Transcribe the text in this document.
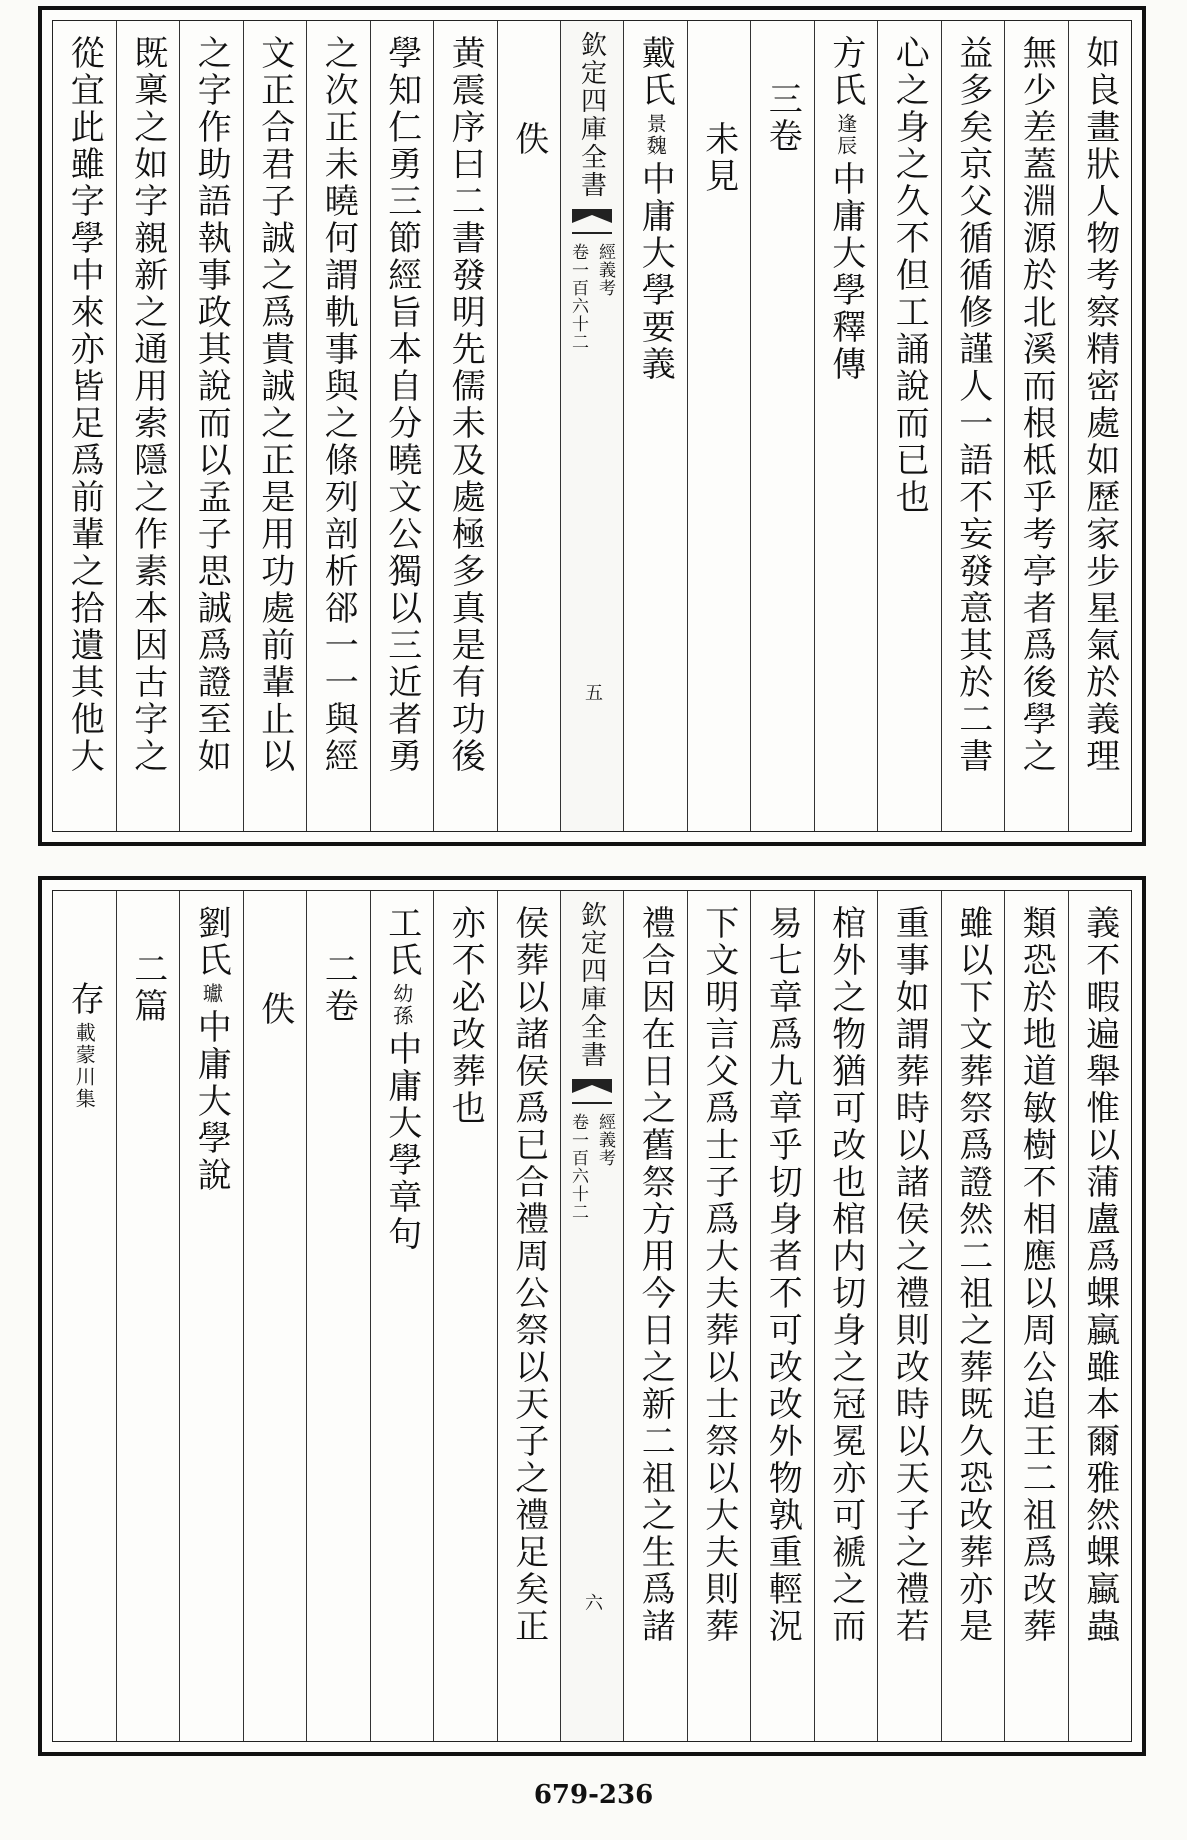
如良畫狀人物考察精密處如歷家步星氣於義理
無少差蓋淵源於北溪而根柢乎考亭者爲後學之
益多矣京父循循修謹人一語不妄發意其於二書
心之身之久不但工誦說而已也
方氏
逢辰
中庸大學釋傳
三卷
未見
戴氏
景魏
中庸大學要義
欽定四庫全書
經義考
卷一百六十二
五
佚
黄震序曰二書發明先儒未及處極多真是有功後
學知仁勇三節經旨本自分曉文公獨以三近者勇
之次正未曉何謂軌事與之條列剖析郤一一與經
文正合君子誠之爲貴誠之正是用功處前輩止以
之字作助語執事政其說而以孟子思誠爲證至如
既稟之如字親新之通用索隱之作素本因古字之
從宜此雖字學中來亦皆足爲前輩之拾遺其他大
義不暇遍舉惟以蒲盧爲蜾蠃雖本爾雅然蜾蠃蟲
類恐於地道敏樹不相應以周公追王二祖爲改葬
雖以下文葬祭爲證然二祖之葬既久恐改葬亦是
重事如謂葬時以諸侯之禮則改時以天子之禮若
棺外之物猶可改也棺内切身之冠冕亦可褫之而
易七章爲九章乎切身者不可改改外物孰重輕況
下文明言父爲士子爲大夫葬以士祭以大夫則葬
禮合因在日之舊祭方用今日之新二祖之生爲諸
欽定四庫全書
經義考
卷一百六十二
六
侯葬以諸侯爲已合禮周公祭以天子之禮足矣正
亦不必改葬也
工氏
幼孫
中庸大學章句
二卷
佚
劉氏
瓛
中庸大學說
二篇
存
載蒙川集
679-236
